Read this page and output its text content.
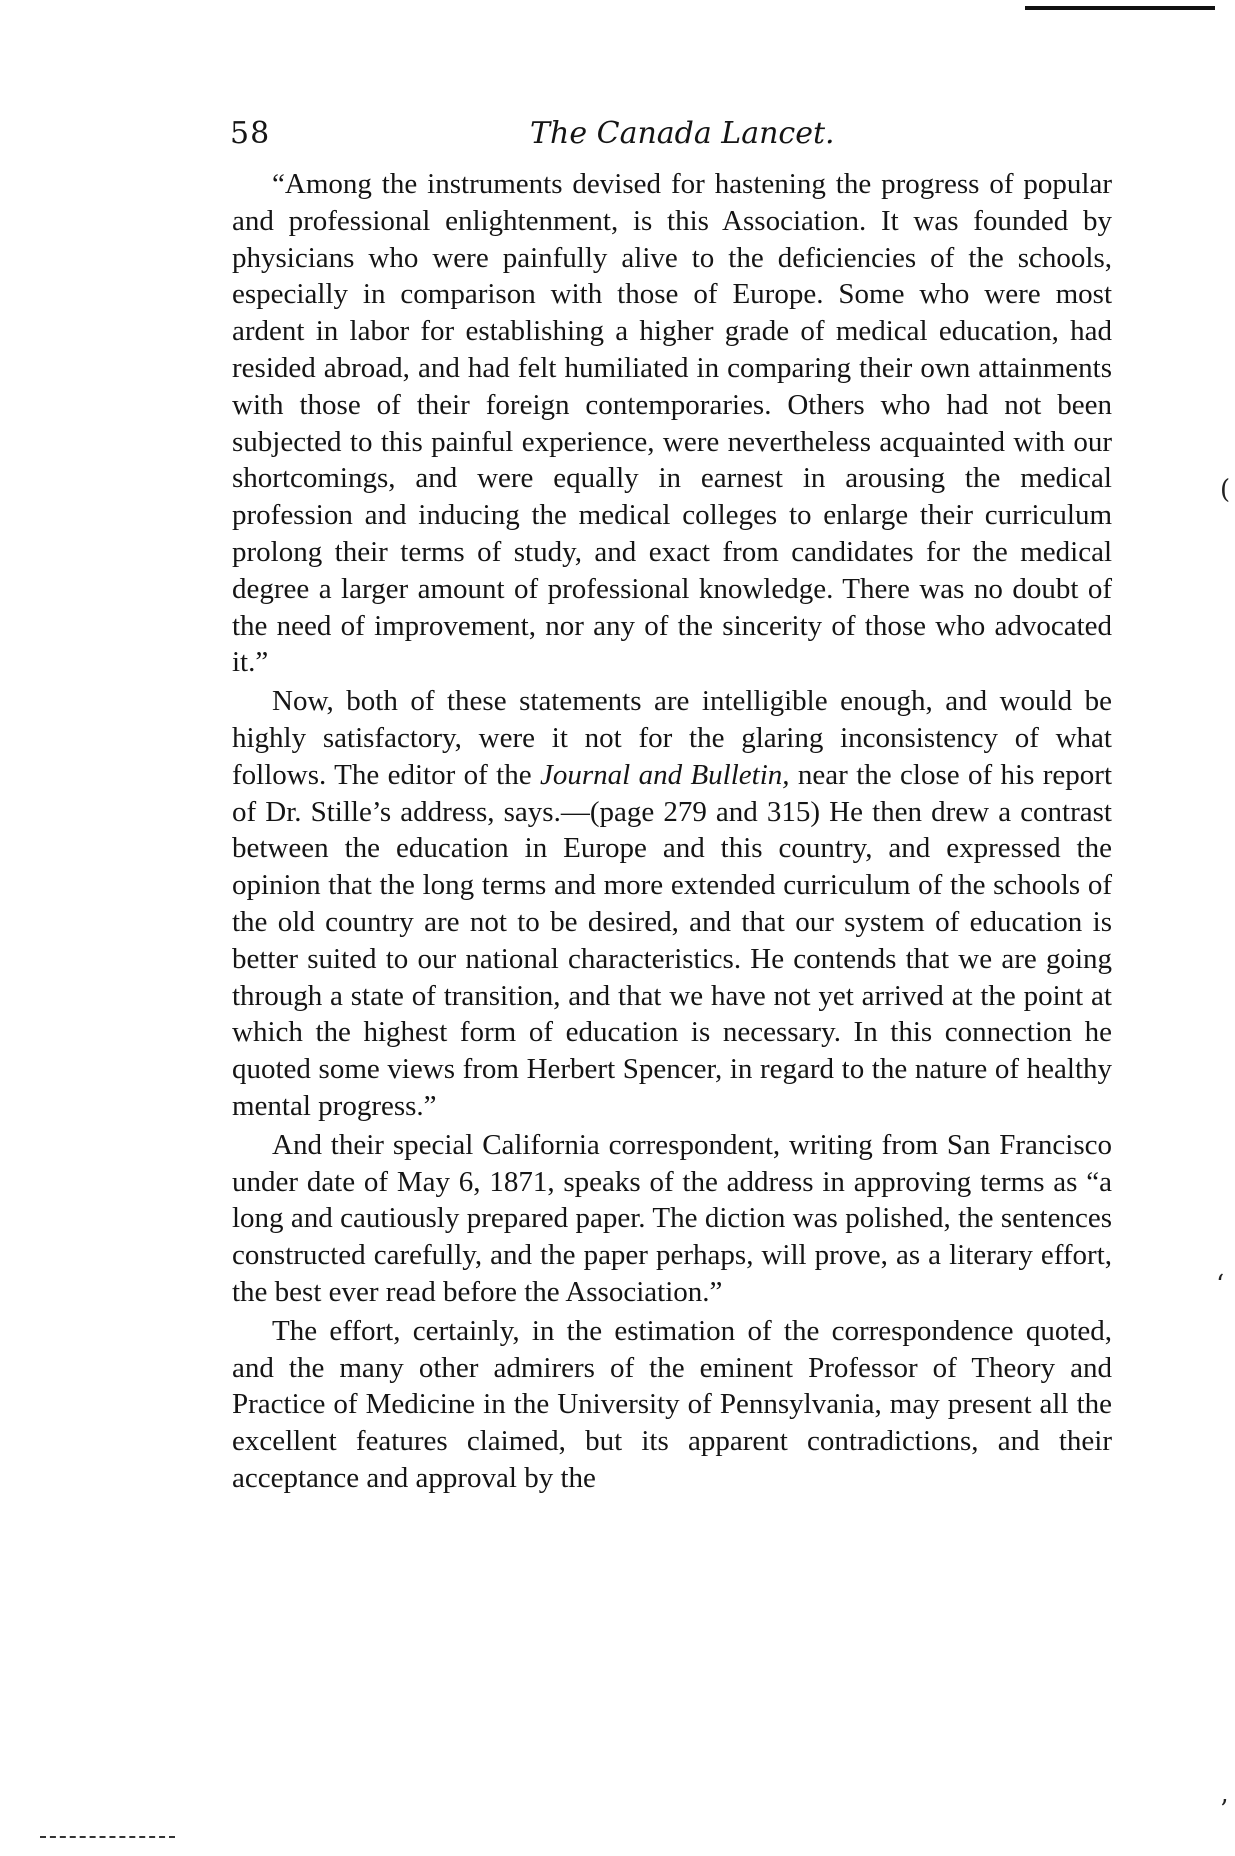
58	The Canada Lancet.

“Among the instruments devised for hastening the progress of popular and professional enlightenment, is this Association. It was founded by physicians who were painfully alive to the deficiencies of the schools, especially in comparison with those of Europe. Some who were most ardent in labor for establishing a higher grade of medical education, had resided abroad, and had felt humiliated in comparing their own attainments with those of their foreign contemporaries. Others who had not been subjected to this painful experience, were nevertheless acquainted with our shortcomings, and were equally in earnest in arousing the medical profession and inducing the medical colleges to enlarge their curriculum prolong their terms of study, and exact from candidates for the medical degree a larger amount of professional knowledge. There was no doubt of the need of improvement, nor any of the sincerity of those who advocated it.”

Now, both of these statements are intelligible enough, and would be highly satisfactory, were it not for the glaring inconsistency of what follows. The editor of the Journal and Bulletin, near the close of his report of Dr. Stille’s address, says.—(page 279 and 315) He then drew a contrast between the education in Europe and this country, and expressed the opinion that the long terms and more extended curriculum of the schools of the old country are not to be desired, and that our system of education is better suited to our national characteristics. He contends that we are going through a state of transition, and that we have not yet arrived at the point at which the highest form of education is necessary. In this connection he quoted some views from Herbert Spencer, in regard to the nature of healthy mental progress.”

And their special California correspondent, writing from San Francisco under date of May 6, 1871, speaks of the address in approving terms as “a long and cautiously prepared paper. The diction was polished, the sentences constructed carefully, and the paper perhaps, will prove, as a literary effort, the best ever read before the Association.”

The effort, certainly, in the estimation of the correspondence quoted, and the many other admirers of the eminent Professor of Theory and Practice of Medicine in the University of Pennsylvania, may present all the excellent features claimed, but its apparent contradictions, and their acceptance and approval by the

(
‘
’
